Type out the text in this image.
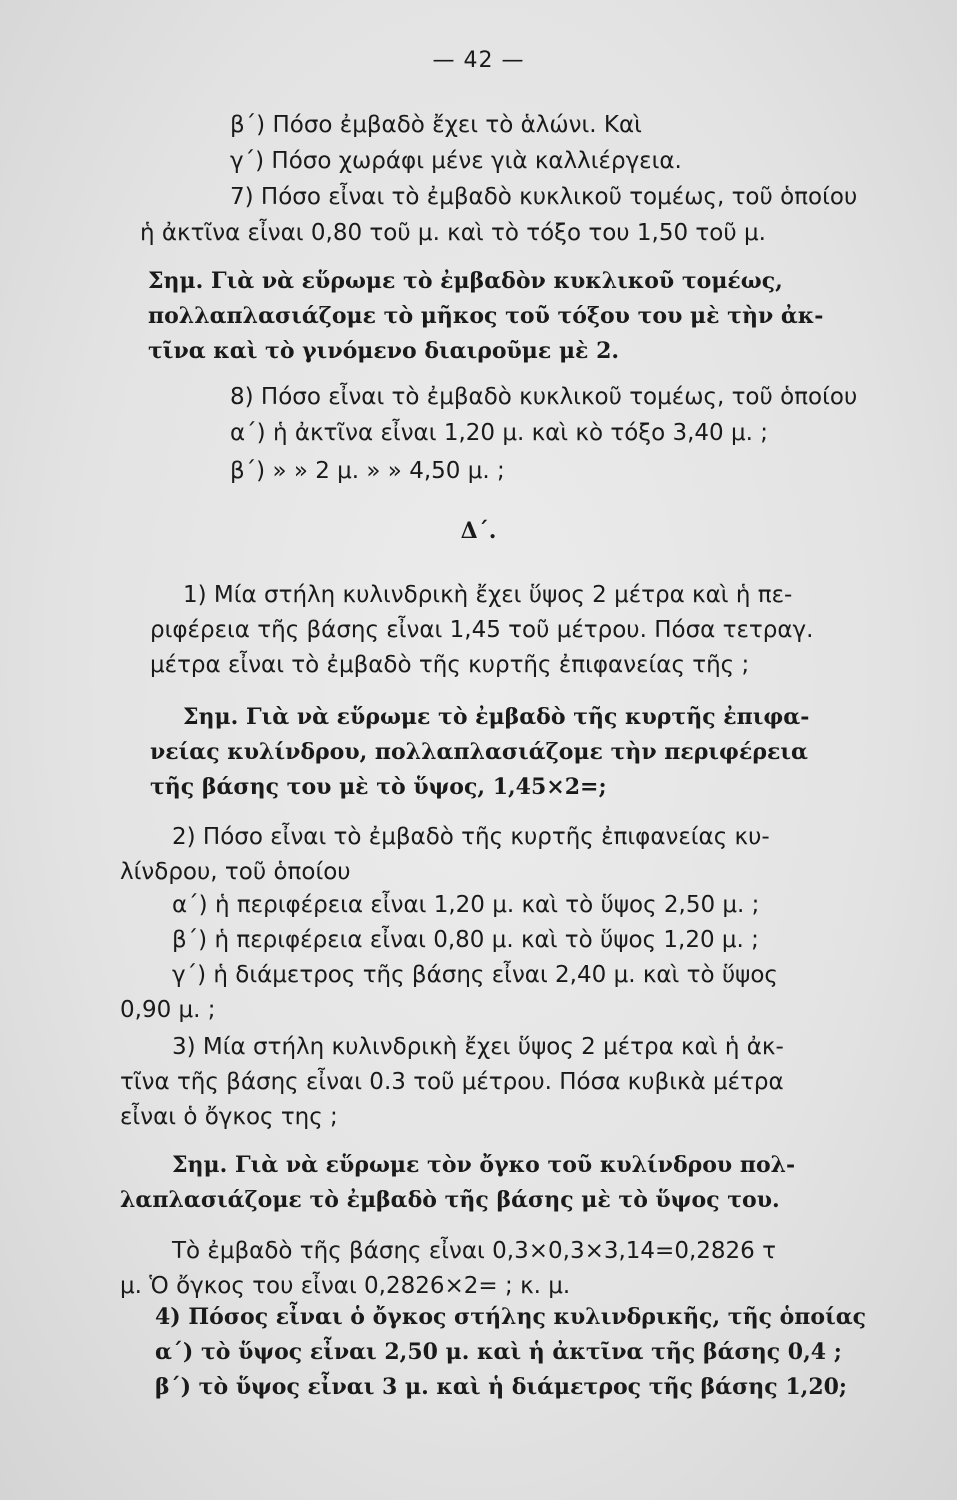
— 42 —
β΄) Πόσο ἐμβαδὸ ἔχει τὸ ἁλώνι. Καὶ
γ΄) Πόσο χωράφι μένε γιὰ καλλιέργεια.
7) Πόσο εἶναι τὸ ἐμβαδὸ κυκλικοῦ τομέως, τοῦ ὁποίου
ἡ ἀκτῖνα εἶναι 0,80 τοῦ μ. καὶ τὸ τόξο του 1,50 τοῦ μ.
Σημ. Γιὰ νὰ εὕρωμε τὸ ἐμβαδὸν κυκλικοῦ τομέως,
πολλαπλασιάζομε τὸ μῆκος τοῦ τόξου του μὲ τὴν ἀκ-
τῖνα καὶ τὸ γινόμενο διαιροῦμε μὲ 2.
8) Πόσο εἶναι τὸ ἐμβαδὸ κυκλικοῦ τομέως, τοῦ ὁποίου
α΄) ἡ ἀκτῖνα εἶναι 1,20 μ. καὶ κὸ τόξο 3,40 μ. ;
β΄) » » 2 μ. » » 4,50 μ. ;
Δ΄.
1) Μία στήλη κυλινδρικὴ ἔχει ὕψος 2 μέτρα καὶ ἡ πε-
ριφέρεια τῆς βάσης εἶναι 1,45 τοῦ μέτρου. Πόσα τετραγ.
μέτρα εἶναι τὸ ἐμβαδὸ τῆς κυρτῆς ἐπιφανείας τῆς ;
Σημ. Γιὰ νὰ εὕρωμε τὸ ἐμβαδὸ τῆς κυρτῆς ἐπιφα-
νείας κυλίνδρου, πολλαπλασιάζομε τὴν περιφέρεια
τῆς βάσης του μὲ τὸ ὕψος, 1,45×2=;
2) Πόσο εἶναι τὸ ἐμβαδὸ τῆς κυρτῆς ἐπιφανείας κυ-
λίνδρου, τοῦ ὁποίου
α΄) ἡ περιφέρεια εἶναι 1,20 μ. καὶ τὸ ὕψος 2,50 μ. ;
β΄) ἡ περιφέρεια εἶναι 0,80 μ. καὶ τὸ ὕψος 1,20 μ. ;
γ΄) ἡ διάμετρος τῆς βάσης εἶναι 2,40 μ. καὶ τὸ ὕψος
0,90 μ. ;
3) Μία στήλη κυλινδρικὴ ἔχει ὕψος 2 μέτρα καὶ ἡ ἀκ-
τῖνα τῆς βάσης εἶναι 0.3 τοῦ μέτρου. Πόσα κυβικὰ μέτρα
εἶναι ὁ ὄγκος της ;
Σημ. Γιὰ νὰ εὕρωμε τὸν ὄγκο τοῦ κυλίνδρου πολ-
λαπλασιάζομε τὸ ἐμβαδὸ τῆς βάσης μὲ τὸ ὕψος του.
Τὸ ἐμβαδὸ τῆς βάσης εἶναι 0,3×0,3×3,14=0,2826 τ
μ. Ὁ ὄγκος του εἶναι 0,2826×2= ; κ. μ.
4) Πόσος εἶναι ὁ ὄγκος στήλης κυλινδρικῆς, τῆς ὁποίας
α΄) τὸ ὕψος εἶναι 2,50 μ. καὶ ἡ ἀκτῖνα τῆς βάσης 0,4 ;
β΄) τὸ ὕψος εἶναι 3 μ. καὶ ἡ διάμετρος τῆς βάσης 1,20;
